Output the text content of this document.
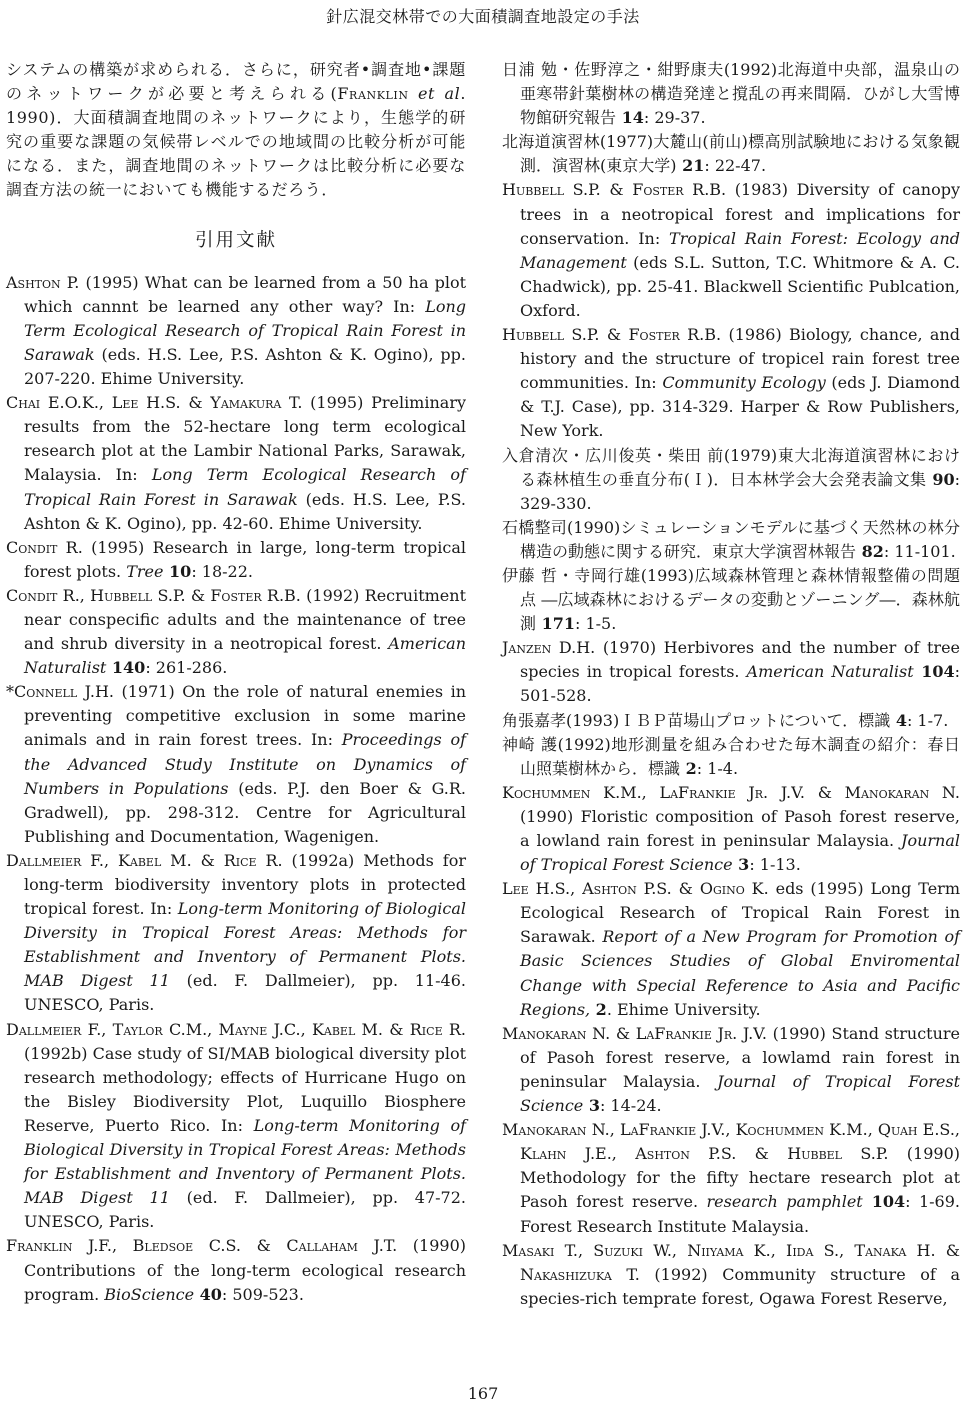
針広混交林帯での大面積調査地設定の手法

システムの構築が求められる．さらに，研究者•調査地•課題のネットワークが必要と考えられる(Franklin et al. 1990)．大面積調査地間のネットワークにより，生態学的研究の重要な課題の気候帯レベルでの地域間の比較分析が可能になる．また，調査地間のネットワークは比較分析に必要な調査方法の統一においても機能するだろう．

引用文献

Ashton P. (1995) What can be learned from a 50 ha plot which cannnt be learned any other way? In: Long Term Ecological Research of Tropical Rain Forest in Sarawak (eds. H.S. Lee, P.S. Ashton & K. Ogino), pp. 207-220. Ehime University.

Chai E.O.K., Lee H.S. & Yamakura T. (1995) Preliminary results from the 52-hectare long term ecological research plot at the Lambir National Parks, Sarawak, Malaysia. In: Long Term Ecological Research of Tropical Rain Forest in Sarawak (eds. H.S. Lee, P.S. Ashton & K. Ogino), pp. 42-60. Ehime University.

Condit R. (1995) Research in large, long-term tropical forest plots. Tree 10: 18-22.

Condit R., Hubbell S.P. & Foster R.B. (1992) Recruitment near conspecific adults and the maintenance of tree and shrub diversity in a neotropical forest. American Naturalist 140: 261-286.

*Connell J.H. (1971) On the role of natural enemies in preventing competitive exclusion in some marine animals and in rain forest trees. In: Proceedings of the Advanced Study Institute on Dynamics of Numbers in Populations (eds. P.J. den Boer & G.R. Gradwell), pp. 298-312. Centre for Agricultural Publishing and Documentation, Wagenigen.

Dallmeier F., Kabel M. & Rice R. (1992a) Methods for long-term biodiversity inventory plots in protected tropical forest. In: Long-term Monitoring of Biological Diversity in Tropical Forest Areas: Methods for Establishment and Inventory of Permanent Plots. MAB Digest 11 (ed. F. Dallmeier), pp. 11-46. UNESCO, Paris.

Dallmeier F., Taylor C.M., Mayne J.C., Kabel M. & Rice R. (1992b) Case study of SI/MAB biological diversity plot research methodology; effects of Hurricane Hugo on the Bisley Biodiversity Plot, Luquillo Biosphere Reserve, Puerto Rico. In: Long-term Monitoring of Biological Diversity in Tropical Forest Areas: Methods for Establishment and Inventory of Permanent Plots. MAB Digest 11 (ed. F. Dallmeier), pp. 47-72. UNESCO, Paris.

Franklin J.F., Bledsoe C.S. & Callaham J.T. (1990) Contributions of the long-term ecological research program. BioScience 40: 509-523.

日浦 勉・佐野淳之・紺野康夫(1992)北海道中央部，温泉山の亜寒帯針葉樹林の構造発達と撹乱の再来間隔．ひがし大雪博物館研究報告 14: 29-37.

北海道演習林(1977)大麓山(前山)標高別試験地における気象観測．演習林(東京大学) 21: 22-47.

Hubbell S.P. & Foster R.B. (1983) Diversity of canopy trees in a neotropical forest and implications for conservation. In: Tropical Rain Forest: Ecology and Management (eds S.L. Sutton, T.C. Whitmore & A. C. Chadwick), pp. 25-41. Blackwell Scientific Publcation, Oxford.

Hubbell S.P. & Foster R.B. (1986) Biology, chance, and history and the structure of tropicel rain forest tree communities. In: Community Ecology (eds J. Diamond & T.J. Case), pp. 314-329. Harper & Row Publishers, New York.

入倉清次・広川俊英・柴田 前(1979)東大北海道演習林における森林植生の垂直分布(Ｉ)．日本林学会大会発表論文集 90: 329-330.

石橋整司(1990)シミュレーションモデルに基づく天然林の林分構造の動態に関する研究．東京大学演習林報告 82: 11-101.

伊藤 哲・寺岡行雄(1993)広域森林管理と森林情報整備の問題点 ―広域森林におけるデータの変動とゾーニング―．森林航測 171: 1-5.

Janzen D.H. (1970) Herbivores and the number of tree species in tropical forests. American Naturalist 104: 501-528.

角張嘉孝(1993)ＩＢＰ苗場山プロットについて．標識 4: 1-7.

神崎 護(1992)地形測量を組み合わせた毎木調査の紹介：春日山照葉樹林から．標識 2: 1-4.

Kochummen K.M., LaFrankie Jr. J.V. & Manokaran N. (1990) Floristic composition of Pasoh forest reserve, a lowland rain forest in peninsular Malaysia. Journal of Tropical Forest Science 3: 1-13.

Lee H.S., Ashton P.S. & Ogino K. eds (1995) Long Term Ecological Research of Tropical Rain Forest in Sarawak. Report of a New Program for Promotion of Basic Sciences Studies of Global Enviromental Change with Special Reference to Asia and Pacific Regions, 2. Ehime University.

Manokaran N. & LaFrankie Jr. J.V. (1990) Stand structure of Pasoh forest reserve, a lowlamd rain forest in peninsular Malaysia. Journal of Tropical Forest Science 3: 14-24.

Manokaran N., LaFrankie J.V., Kochummen K.M., Quah E.S., Klahn J.E., Ashton P.S. & Hubbel S.P. (1990) Methodology for the fifty hectare research plot at Pasoh forest reserve. research pamphlet 104: 1-69. Forest Research Institute Malaysia.

Masaki T., Suzuki W., Niiyama K., Iida S., Tanaka H. & Nakashizuka T. (1992) Community structure of a species-rich temprate forest, Ogawa Forest Reserve,

167
